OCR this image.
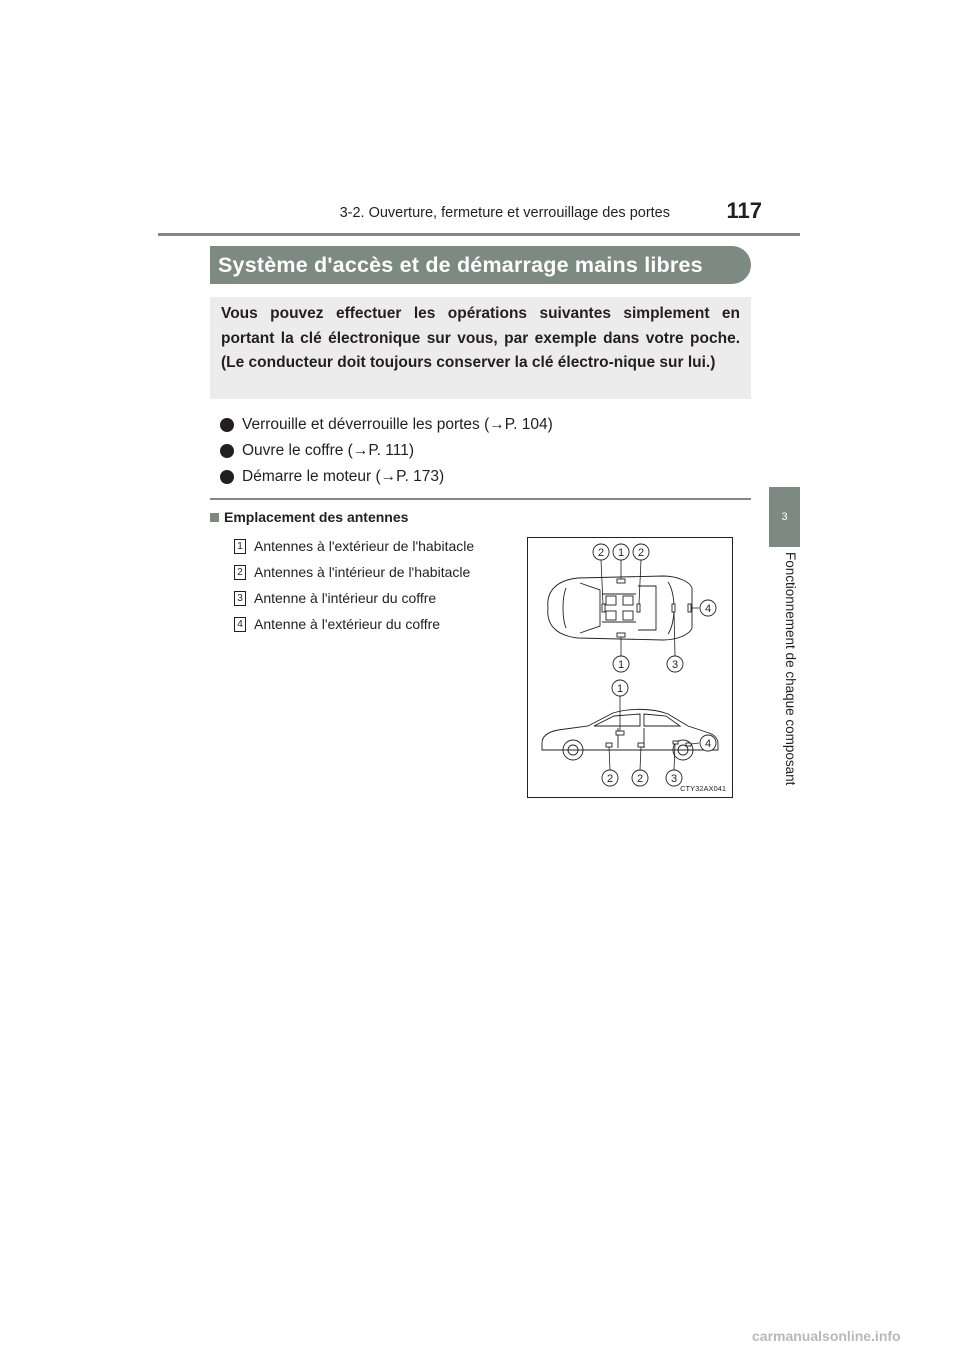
3-2. Ouverture, fermeture et verrouillage des portes	117
3
Fonctionnement de chaque composant
Système d'accès et de démarrage mains libres
Vous pouvez effectuer les opérations suivantes simplement en portant la clé électronique sur vous, par exemple dans votre poche. (Le conducteur doit toujours conserver la clé électro-nique sur lui.)
Verrouille et déverrouille les portes (→P. 104)
Ouvre le coffre (→P. 111)
Démarre le moteur (→P. 173)
Emplacement des antennes
1 Antennes à l'extérieur de l'habitacle
2 Antennes à l'intérieur de l'habitacle
3 Antenne à l'intérieur du coffre
4 Antenne à l'extérieur du coffre
2 1 2
4
1	3
1
4
2 2	3
CTY32AX041
carmanualsonline.info
